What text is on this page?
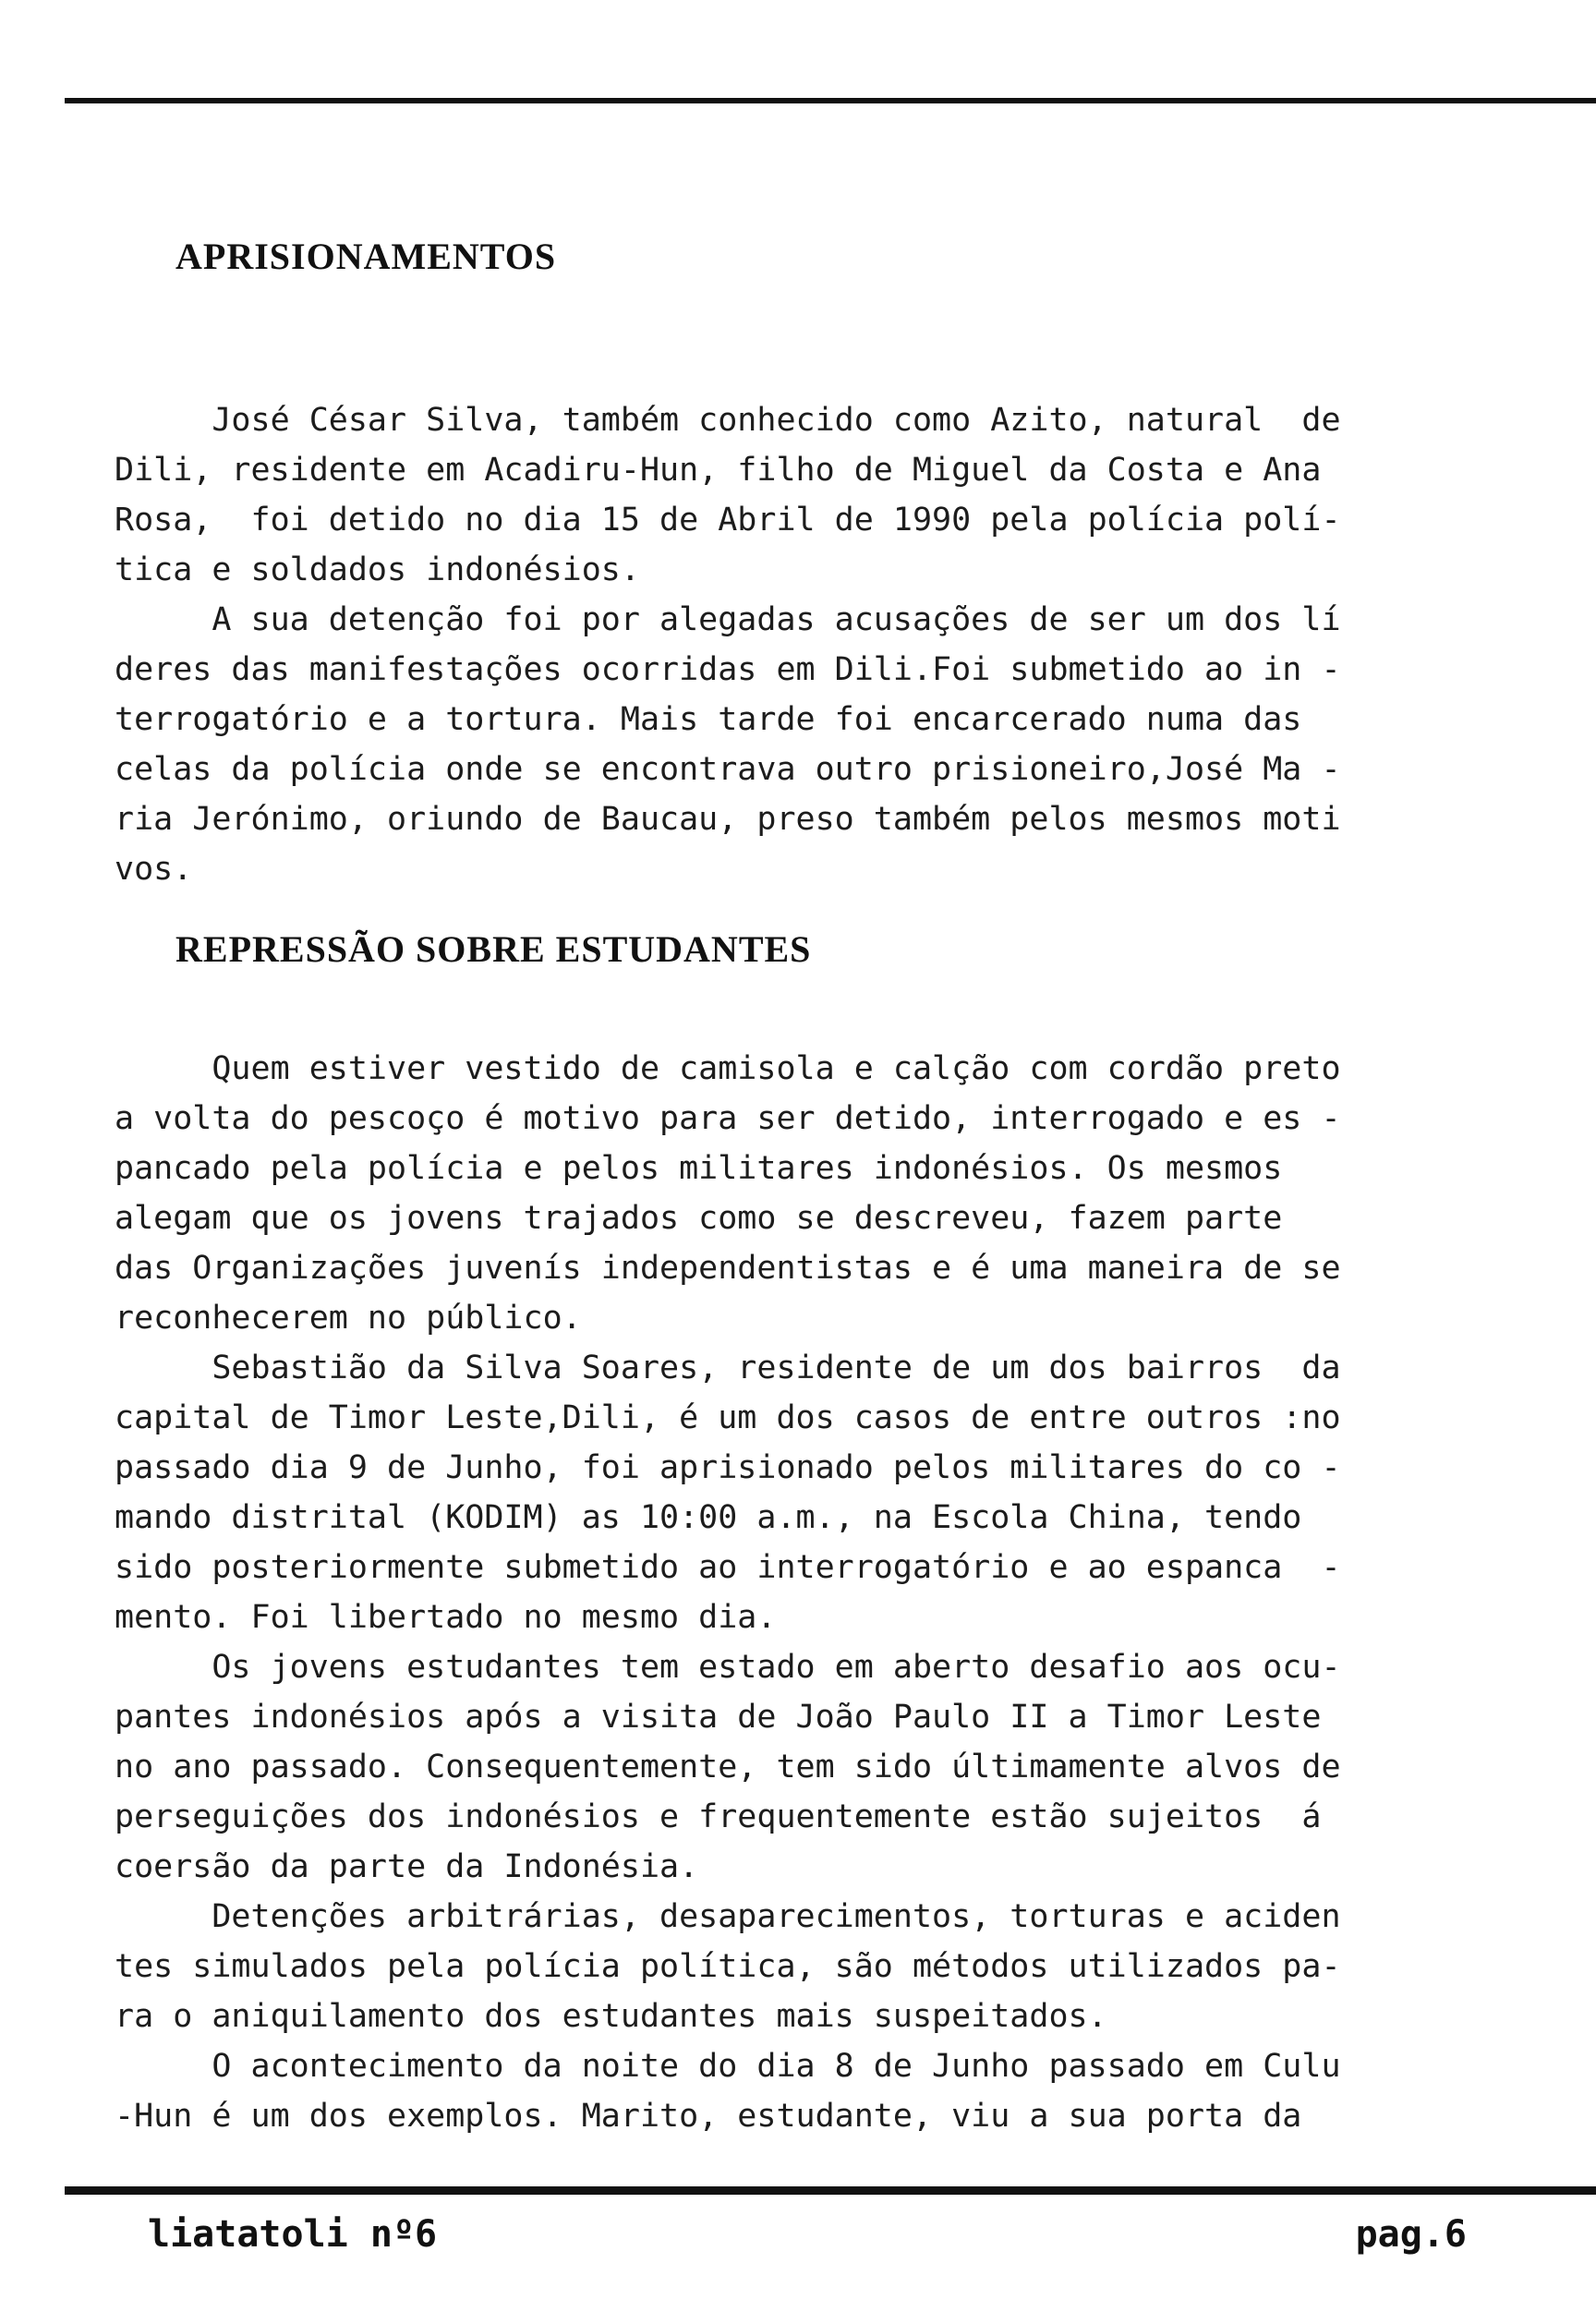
APRISIONAMENTOS
José César Silva, também conhecido como Azito, natural  de
Dili, residente em Acadiru-Hun, filho de Miguel da Costa e Ana
Rosa,  foi detido no dia 15 de Abril de 1990 pela polícia polí-
tica e soldados indonésios.
A sua detenção foi por alegadas acusações de ser um dos lí
deres das manifestações ocorridas em Dili.Foi submetido ao in -
terrogatório e a tortura. Mais tarde foi encarcerado numa das
celas da polícia onde se encontrava outro prisioneiro,José Ma -
ria Jerónimo, oriundo de Baucau, preso também pelos mesmos moti
vos.
REPRESSÃO SOBRE ESTUDANTES
Quem estiver vestido de camisola e calção com cordão preto
a volta do pescoço é motivo para ser detido, interrogado e es -
pancado pela polícia e pelos militares indonésios. Os mesmos
alegam que os jovens trajados como se descreveu, fazem parte
das Organizações juvenís independentistas e é uma maneira de se
reconhecerem no público.
Sebastião da Silva Soares, residente de um dos bairros  da
capital de Timor Leste,Dili, é um dos casos de entre outros :no
passado dia 9 de Junho, foi aprisionado pelos militares do co -
mando distrital (KODIM) as 10:00 a.m., na Escola China, tendo
sido posteriormente submetido ao interrogatório e ao espanca  -
mento. Foi libertado no mesmo dia.
Os jovens estudantes tem estado em aberto desafio aos ocu-
pantes indonésios após a visita de João Paulo II a Timor Leste
no ano passado. Consequentemente, tem sido últimamente alvos de
perseguições dos indonésios e frequentemente estão sujeitos  á
coersão da parte da Indonésia.
Detenções arbitrárias, desaparecimentos, torturas e aciden
tes simulados pela polícia política, são métodos utilizados pa-
ra o aniquilamento dos estudantes mais suspeitados.
O acontecimento da noite do dia 8 de Junho passado em Culu
-Hun é um dos exemplos. Marito, estudante, viu a sua porta da
liatatoli nº6	pag.6
